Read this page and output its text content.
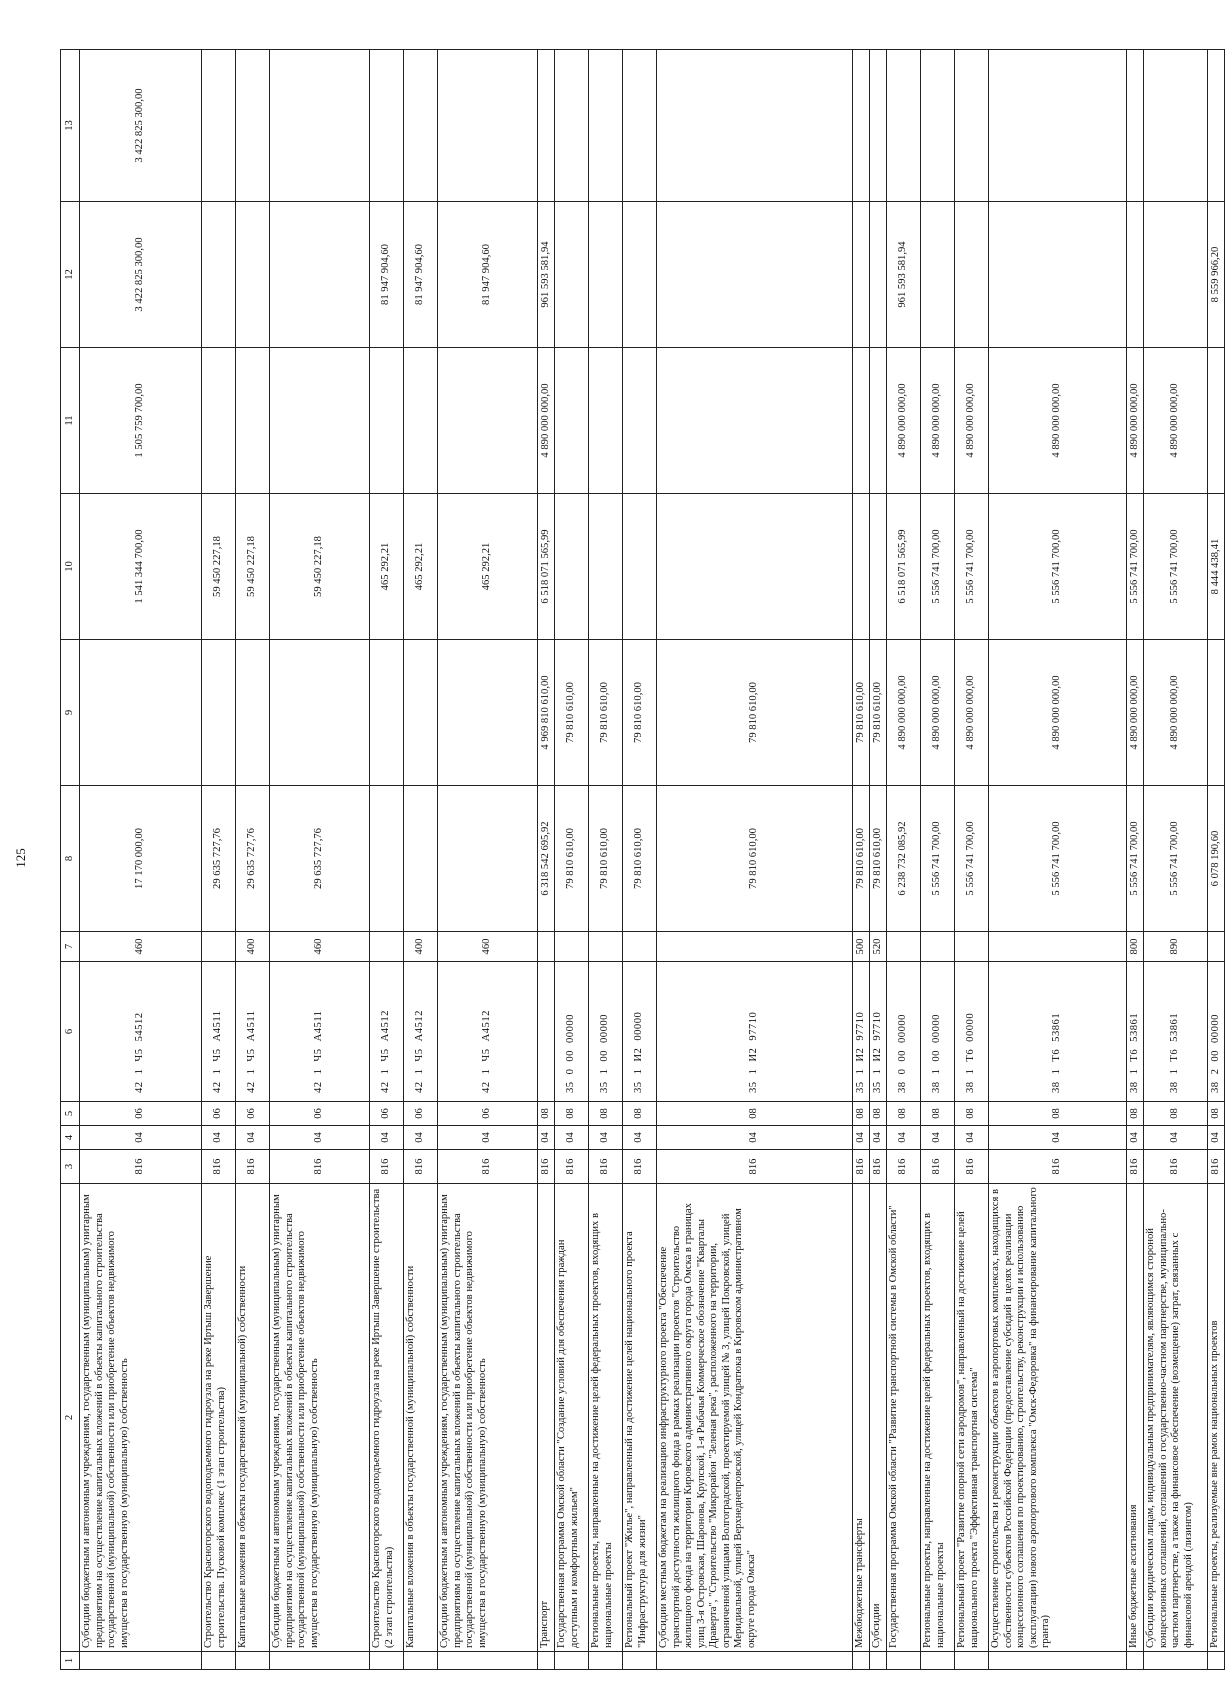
125
1	2	3	4	5	6	7	8	9	10	11	12	13
	Субсидии бюджетным и автономным учреждениям, государственным (муниципальным) унитарным предприятиям на осуществление капитальных вложений в объекты капитального строительства государственной (муниципальной) собственности или приобретение объектов недвижимого имущества в государственную (муниципальную) собственность	816	04	06	421Ч554512	460	17 170 000,00		1 541 344 700,00	1 505 759 700,00	3 422 825 300,00	3 422 825 300,00
	Строительство Красногорского водоподъемного гидроузла на реке Иртыш Завершение строительства. Пусковой комплекс (1 этап строительства)	816	04	06	421Ч5А4511		29 635 727,76		59 450 227,18			
	Капитальные вложения в объекты государственной (муниципальной) собственности	816	04	06	421Ч5А4511	400	29 635 727,76		59 450 227,18			
	Субсидии бюджетным и автономным учреждениям, государственным (муниципальным) унитарным предприятиям на осуществление капитальных вложений в объекты капитального строительства государственной (муниципальной) собственности или приобретение объектов недвижимого имущества в государственную (муниципальную) собственность	816	04	06	421Ч5А4511	460	29 635 727,76		59 450 227,18			
	Строительство Красногорского водоподъемного гидроузла на реке Иртыш Завершение строительства (2 этап строительства)	816	04	06	421Ч5А4512				465 292,21		81 947 904,60	
	Капитальные вложения в объекты государственной (муниципальной) собственности	816	04	06	421Ч5А4512	400			465 292,21		81 947 904,60	
	Субсидии бюджетным и автономным учреждениям, государственным (муниципальным) унитарным предприятиям на осуществление капитальных вложений в объекты капитального строительства государственной (муниципальной) собственности или приобретение объектов недвижимого имущества в государственную (муниципальную) собственность	816	04	06	421Ч5А4512	460			465 292,21		81 947 904,60	
	Транспорт	816	04	08			6 318 542 695,92	4 969 810 610,00	6 518 071 565,99	4 890 000 000,00	961 593 581,94	
	Государственная программа Омской области "Создание условий для обеспечения граждан доступным и комфортным жильем"	816	04	08	3500000000		79 810 610,00	79 810 610,00				
	Региональные проекты, направленные на достижение целей федеральных проектов, входящих в национальные проекты	816	04	08	3510000000		79 810 610,00	79 810 610,00				
	Региональный проект "Жилье", направленный на достижение целей национального проекта "Инфраструктура для жизни"	816	04	08	351И200000		79 810 610,00	79 810 610,00				
	Субсидии местным бюджетам на реализацию инфраструктурного проекта "Обеспечение транспортной доступности жилищного фонда в рамках реализации проектов "Строительство жилищного фонда на территории Кировского административного округа города Омска в границах улиц 3-я Островская, Шаронова, Крупской, 1-я Рыбачья Коммерческое обозначение "Кварталы Драверта", "Строительство "Микрорайон "Зеленая река", расположенного на территории, ограниченной улицами Волгоградской, проектируемой улицей № 3, улицей Покровской, улицей Меридиальной, улицей Верхнеднепровской, улицей Кондратюка в Кировском административном округе города Омска"	816	04	08	351И297710		79 810 610,00	79 810 610,00				
	Межбюджетные трансферты	816	04	08	351И297710	500	79 810 610,00	79 810 610,00				
	Субсидии	816	04	08	351И297710	520	79 810 610,00	79 810 610,00				
	Государственная программа Омской области "Развитие транспортной системы в Омской области"	816	04	08	3800000000		6 238 732 085,92	4 890 000 000,00	6 518 071 565,99	4 890 000 000,00	961 593 581,94	
	Региональные проекты, направленные на достижение целей федеральных проектов, входящих в национальные проекты	816	04	08	3810000000		5 556 741 700,00	4 890 000 000,00	5 556 741 700,00	4 890 000 000,00		
	Региональный проект "Развитие опорной сети аэродромов", направленный на достижение целей национального проекта "Эффективная транспортная система"	816	04	08	381Т600000		5 556 741 700,00	4 890 000 000,00	5 556 741 700,00	4 890 000 000,00		
	Осуществление строительства и реконструкции объектов в аэропортовых комплексах, находящихся в собственности субъектов Российской Федерации (предоставление субсидий в целях реализации концессионного соглашения по проектированию, строительству, реконструкции и использованию (эксплуатации) нового аэропортового комплекса "Омск-Федоровка" на финансирование капитального гранта)	816	04	08	381Т653861		5 556 741 700,00	4 890 000 000,00	5 556 741 700,00	4 890 000 000,00		
	Иные бюджетные ассигнования	816	04	08	381Т653861	800	5 556 741 700,00	4 890 000 000,00	5 556 741 700,00	4 890 000 000,00		
	Субсидии юридическим лицам, индивидуальным предпринимателям, являющимся стороной концессионных соглашений, соглашений о государственно-частном партнерстве, муниципально-частном партнерстве, а также на финансовое обеспечение (возмещение) затрат, связанных с финансовой арендой (лизингом)	816	04	08	381Т653861	890	5 556 741 700,00	4 890 000 000,00	5 556 741 700,00	4 890 000 000,00		
	Региональные проекты, реализуемые вне рамок национальных проектов	816	04	08	3820000000		6 078 190,60		8 444 438,41		8 559 966,20	
